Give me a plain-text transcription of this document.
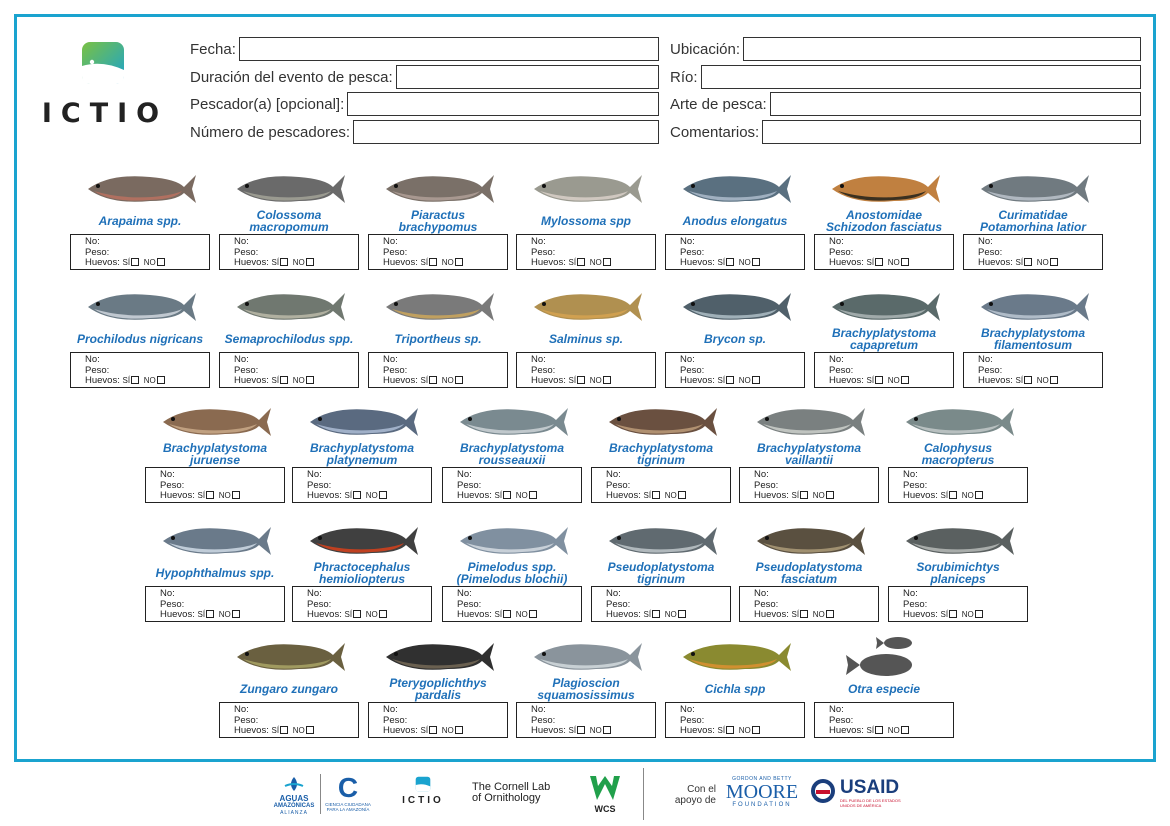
ICTIO
Fecha:
Duración del evento de pesca:
Pescador(a) [opcional]:
Número de pescadores:
Ubicación:
Río:
Arte de pesca:
Comentarios:
Arapaima spp.
No:
Peso:
Huevos: SÍ NO
Colossoma
macropomum
No:
Peso:
Huevos: SÍ NO
Piaractus
brachypomus
No:
Peso:
Huevos: SÍ NO
Mylossoma spp
No:
Peso:
Huevos: SÍ NO
Anodus elongatus
No:
Peso:
Huevos: SÍ NO
Anostomidae
Schizodon fasciatus
No:
Peso:
Huevos: SÍ NO
Curimatidae
Potamorhina latior
No:
Peso:
Huevos: SÍ NO
Prochilodus nigricans
No:
Peso:
Huevos: SÍ NO
Semaprochilodus spp.
No:
Peso:
Huevos: SÍ NO
Triportheus sp.
No:
Peso:
Huevos: SÍ NO
Salminus sp.
No:
Peso:
Huevos: SÍ NO
Brycon sp.
No:
Peso:
Huevos: SÍ NO
Brachyplatystoma
capapretum
No:
Peso:
Huevos: SÍ NO
Brachyplatystoma
filamentosum
No:
Peso:
Huevos: SÍ NO
Brachyplatystoma
juruense
No:
Peso:
Huevos: SÍ NO
Brachyplatystoma
platynemum
No:
Peso:
Huevos: SÍ NO
Brachyplatystoma
rousseauxii
No:
Peso:
Huevos: SÍ NO
Brachyplatystoma
tigrinum
No:
Peso:
Huevos: SÍ NO
Brachyplatystoma
vaillantii
No:
Peso:
Huevos: SÍ NO
Calophysus
macropterus
No:
Peso:
Huevos: SÍ NO
Hypophthalmus spp.
No:
Peso:
Huevos: SÍ NO
Phractocephalus
hemioliopterus
No:
Peso:
Huevos: SÍ NO
Pimelodus spp.
(Pimelodus blochii)
No:
Peso:
Huevos: SÍ NO
Pseudoplatystoma
tigrinum
No:
Peso:
Huevos: SÍ NO
Pseudoplatystoma
fasciatum
No:
Peso:
Huevos: SÍ NO
Sorubimichtys
planiceps
No:
Peso:
Huevos: SÍ NO
Zungaro zungaro
No:
Peso:
Huevos: SÍ NO
Pterygoplichthys
pardalis
No:
Peso:
Huevos: SÍ NO
Plagioscion
squamosissimus
No:
Peso:
Huevos: SÍ NO
Cichla spp
No:
Peso:
Huevos: SÍ NO
Otra especie
No:
Peso:
Huevos: SÍ NO
AGUAS
AMAZÓNICAS
ALIANZA
C
CIENCIA CIUDADANA PARA LA AMAZONÍA
ICTIO
The Cornell Lab
of Ornithology
WCS
Con el
apoyo de
GORDON AND BETTY
MOORE
FOUNDATION
USAID
DEL PUEBLO DE LOS ESTADOS UNIDOS DE AMÉRICA
